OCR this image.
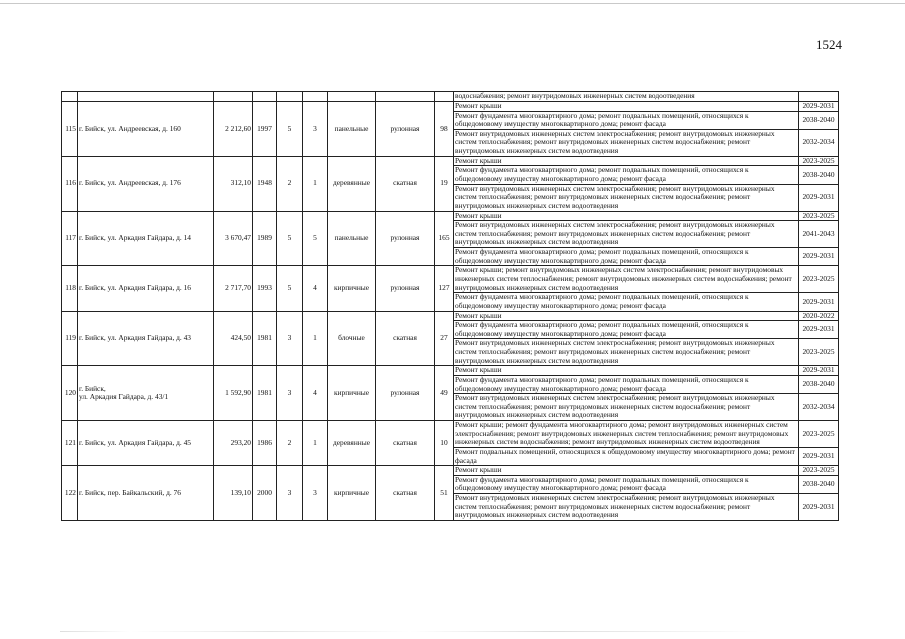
1524
									водоснабжения; ремонт внутридомовых инженерных систем водоотведения	
115	г. Бийск, ул. Андреевская, д. 160	2 212,60	1997	5	3	панельные	рулонная	98	Ремонт крыши	2029-2031
									Ремонт фундамента многоквартирного дома; ремонт подвальных помещений, относящихся к общедомовому имуществу многоквартирного дома; ремонт фасада	2038-2040
									Ремонт внутридомовых инженерных систем электроснабжения; ремонт внутридомовых инженерных систем теплоснабжения; ремонт внутридомовых инженерных систем водоснабжения; ремонт внутридомовых инженерных систем водоотведения	2032-2034
116	г. Бийск, ул. Андреевская, д. 176	312,10	1948	2	1	деревянные	скатная	19	Ремонт крыши	2023-2025
									Ремонт фундамента многоквартирного дома; ремонт подвальных помещений, относящихся к общедомовому имуществу многоквартирного дома; ремонт фасада	2038-2040
									Ремонт внутридомовых инженерных систем электроснабжения; ремонт внутридомовых инженерных систем теплоснабжения; ремонт внутридомовых инженерных систем водоснабжения; ремонт внутридомовых инженерных систем водоотведения	2029-2031
117	г. Бийск, ул. Аркадия Гайдара, д. 14	3 670,47	1989	5	5	панельные	рулонная	165	Ремонт крыши	2023-2025
									Ремонт внутридомовых инженерных систем электроснабжения; ремонт внутридомовых инженерных систем теплоснабжения; ремонт внутридомовых инженерных систем водоснабжения; ремонт внутридомовых инженерных систем водоотведения	2041-2043
									Ремонт фундамента многоквартирного дома; ремонт подвальных помещений, относящихся к общедомовому имуществу многоквартирного дома; ремонт фасада	2029-2031
118	г. Бийск, ул. Аркадия Гайдара, д. 16	2 717,70	1993	5	4	кирпичные	рулонная	127	Ремонт крыши; ремонт внутридомовых инженерных систем электроснабжения; ремонт внутридомовых инженерных систем теплоснабжения; ремонт внутридомовых инженерных систем водоснабжения; ремонт внутридомовых инженерных систем водоотведения	2023-2025
									Ремонт фундамента многоквартирного дома; ремонт подвальных помещений, относящихся к общедомовому имуществу многоквартирного дома; ремонт фасада	2029-2031
119	г. Бийск, ул. Аркадия Гайдара, д. 43	424,50	1981	3	1	блочные	скатная	27	Ремонт крыши	2020-2022
									Ремонт фундамента многоквартирного дома; ремонт подвальных помещений, относящихся к общедомовому имуществу многоквартирного дома; ремонт фасада	2029-2031
									Ремонт внутридомовых инженерных систем электроснабжения; ремонт внутридомовых инженерных систем теплоснабжения; ремонт внутридомовых инженерных систем водоснабжения; ремонт внутридомовых инженерных систем водоотведения	2023-2025
120	г. Бийск,
ул. Аркадия Гайдара, д. 43/1	1 592,90	1981	3	4	кирпичные	рулонная	49	Ремонт крыши	2029-2031
									Ремонт фундамента многоквартирного дома; ремонт подвальных помещений, относящихся к общедомовому имуществу многоквартирного дома; ремонт фасада	2038-2040
									Ремонт внутридомовых инженерных систем электроснабжения; ремонт внутридомовых инженерных систем теплоснабжения; ремонт внутридомовых инженерных систем водоснабжения; ремонт внутридомовых инженерных систем водоотведения	2032-2034
121	г. Бийск, ул. Аркадия Гайдара, д. 45	293,20	1986	2	1	деревянные	скатная	10	Ремонт крыши; ремонт фундамента многоквартирного дома; ремонт внутридомовых инженерных систем электроснабжения; ремонт внутридомовых инженерных систем теплоснабжения; ремонт внутридомовых инженерных систем водоснабжения; ремонт внутридомовых инженерных систем водоотведения	2023-2025
									Ремонт подвальных помещений, относящихся к общедомовому имуществу многоквартирного дома; ремонт фасада	2029-2031
122	г. Бийск, пер. Байкальский, д. 76	139,10	2000	3	3	кирпичные	скатная	51	Ремонт крыши	2023-2025
									Ремонт фундамента многоквартирного дома; ремонт подвальных помещений, относящихся к общедомовому имуществу многоквартирного дома; ремонт фасада	2038-2040
									Ремонт внутридомовых инженерных систем электроснабжения; ремонт внутридомовых инженерных систем теплоснабжения; ремонт внутридомовых инженерных систем водоснабжения; ремонт внутридомовых инженерных систем водоотведения	2029-2031
